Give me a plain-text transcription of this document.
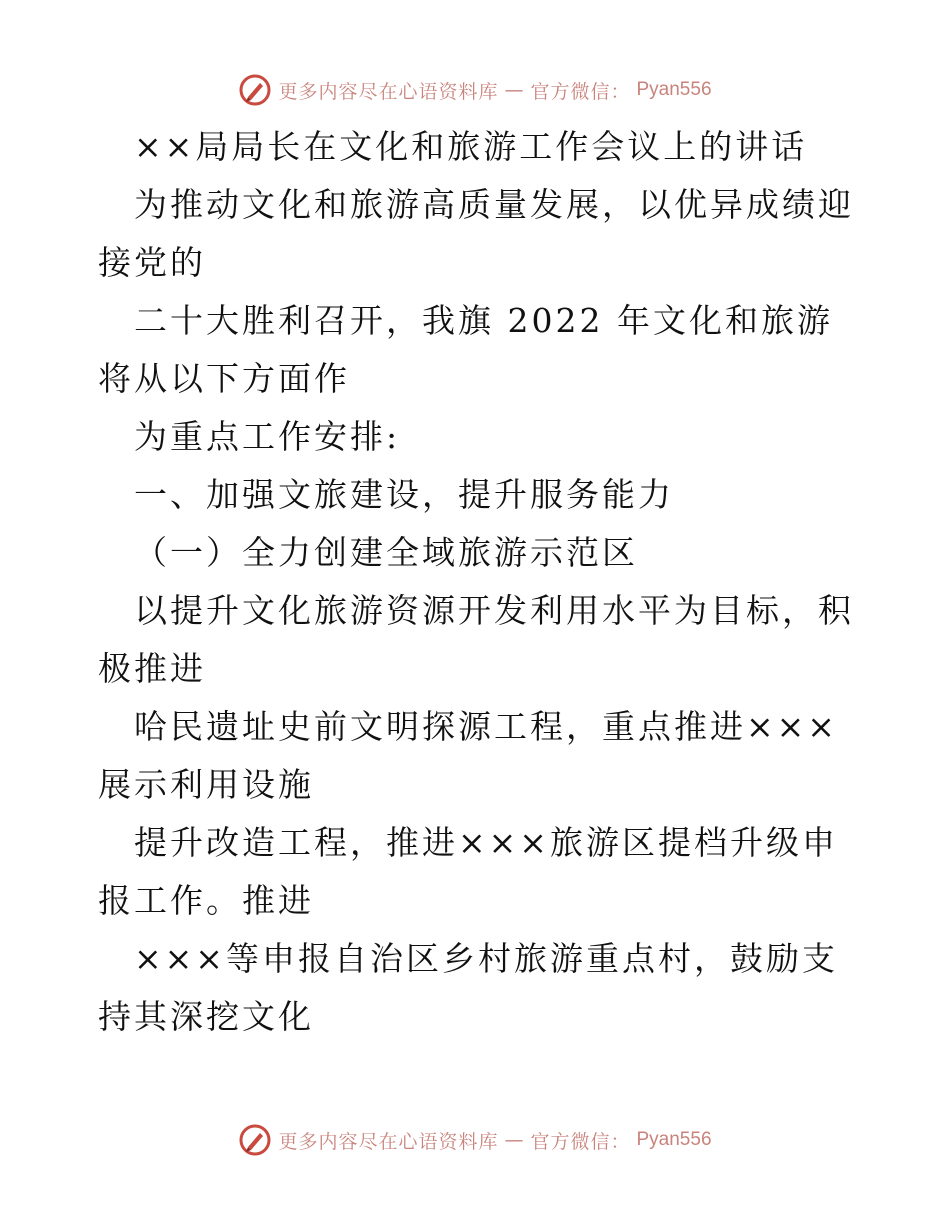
更多内容尽在心语资料库 — 官方微信： Pyan556

××局局长在文化和旅游工作会议上的讲话

为推动文化和旅游高质量发展，以优异成绩迎接党的

二十大胜利召开，我旗 2022 年文化和旅游将从以下方面作

为重点工作安排:

一、加强文旅建设，提升服务能力

（一）全力创建全域旅游示范区

以提升文化旅游资源开发利用水平为目标，积极推进

哈民遗址史前文明探源工程，重点推进×××展示利用设施

提升改造工程，推进×××旅游区提档升级申报工作。推进

×××等申报自治区乡村旅游重点村，鼓励支持其深挖文化

更多内容尽在心语资料库 — 官方微信： Pyan556
